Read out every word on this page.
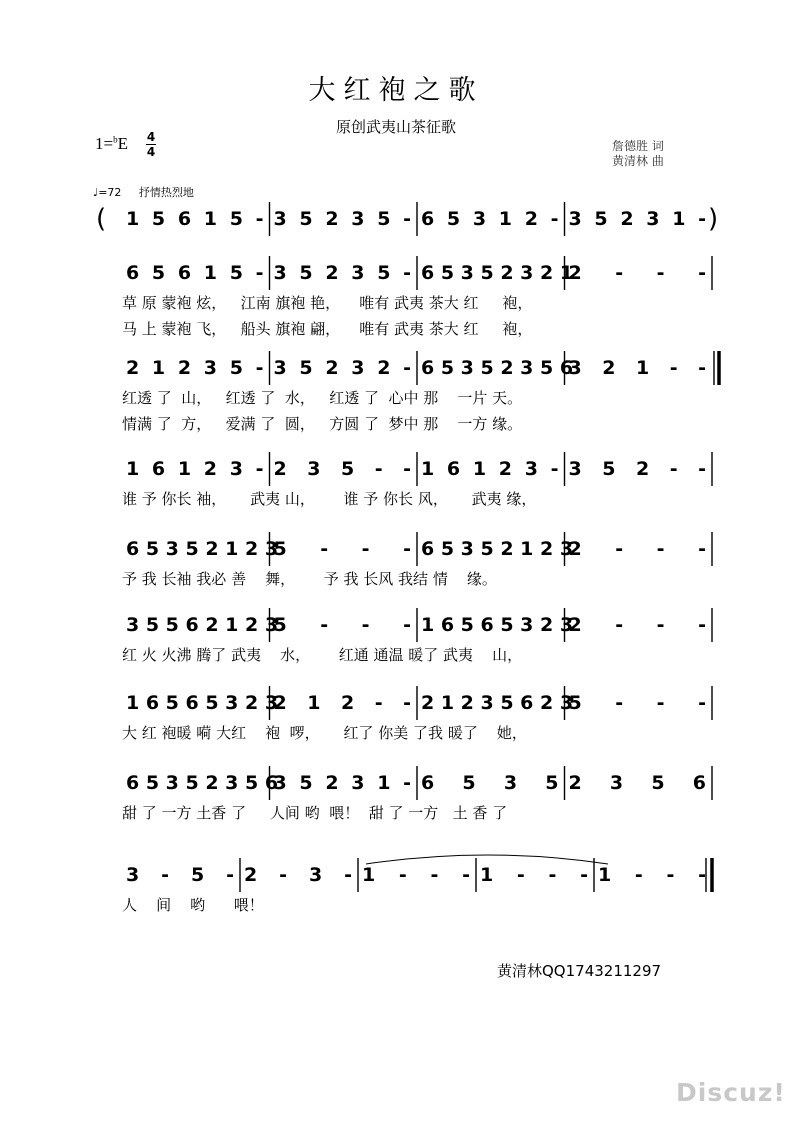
大红袍之歌
原创武夷山茶征歌
1=$^b$E 4
4	詹德胜 词
黄清林 曲
♩=72 抒情热烈地
1 5 6 1 5 - 3 5 2 3 5 - 6 5 3 1 2 - 3 5 2 3 1 -
(	)
6 5 6 1 5 - 3 5 2 3 5 - 6 5 3 5 2 3 2 1
2 - - -
草 原 蒙袍 炫，   江南 旗袍 艳，    唯有 武夷 茶大 红     袍，
马 上 蒙袍 飞，   船头 旗袍 翩，    唯有 武夷 茶大 红     袍，
2 1 2 3 5 - 3 5 2 3 2 - 6 5 3 5 2 3 5 6
3 2 1 - -
红透 了  山，   红透 了  水，   红透 了  心中 那    一片 天。
情满 了  方，   爱满 了  圆，   方圆 了  梦中 那    一方 缘。
1 6 1 2 3 - 2 3 5 - - 1 6 1 2 3 - 3 5 2 - -
谁 予 你长 袖，     武夷 山，      谁 予 你长 风，     武夷 缘，
6 5 3 5 2 1 2 3
5 - - - 6 5 3 5 2 1 2 3
2 - - -
予 我 长袖 我必 善    舞，      予 我 长风 我结 情    缘。
3 5 5 6 2 1 2 3
5 - - - 1 6 5 6 5 3 2 3
2 - - -
红 火 火沸 腾了 武夷    水，      红通 通温 暖了 武夷    山，
1 6 5 6 5 3 2 3
2 1 2 - - 2 1 2 3 5 6 2 3
5 - - -
大 红 袍暖 嗬 大红    袍  啰，     红了 你美 了我 暖了    她，
6 5 3 5 2 3 5 6
3 5 2 3 1 - 6 5 3 5 2 3 5 6
甜 了 一方 土香 了     人间 哟  喂！  甜 了 一方   土 香 了
3 - 5 - 2 - 3 - 1 - - - 1 - - - 1 - - -
人    间    哟      喂！
黄清林QQ1743211297
Discuz!
